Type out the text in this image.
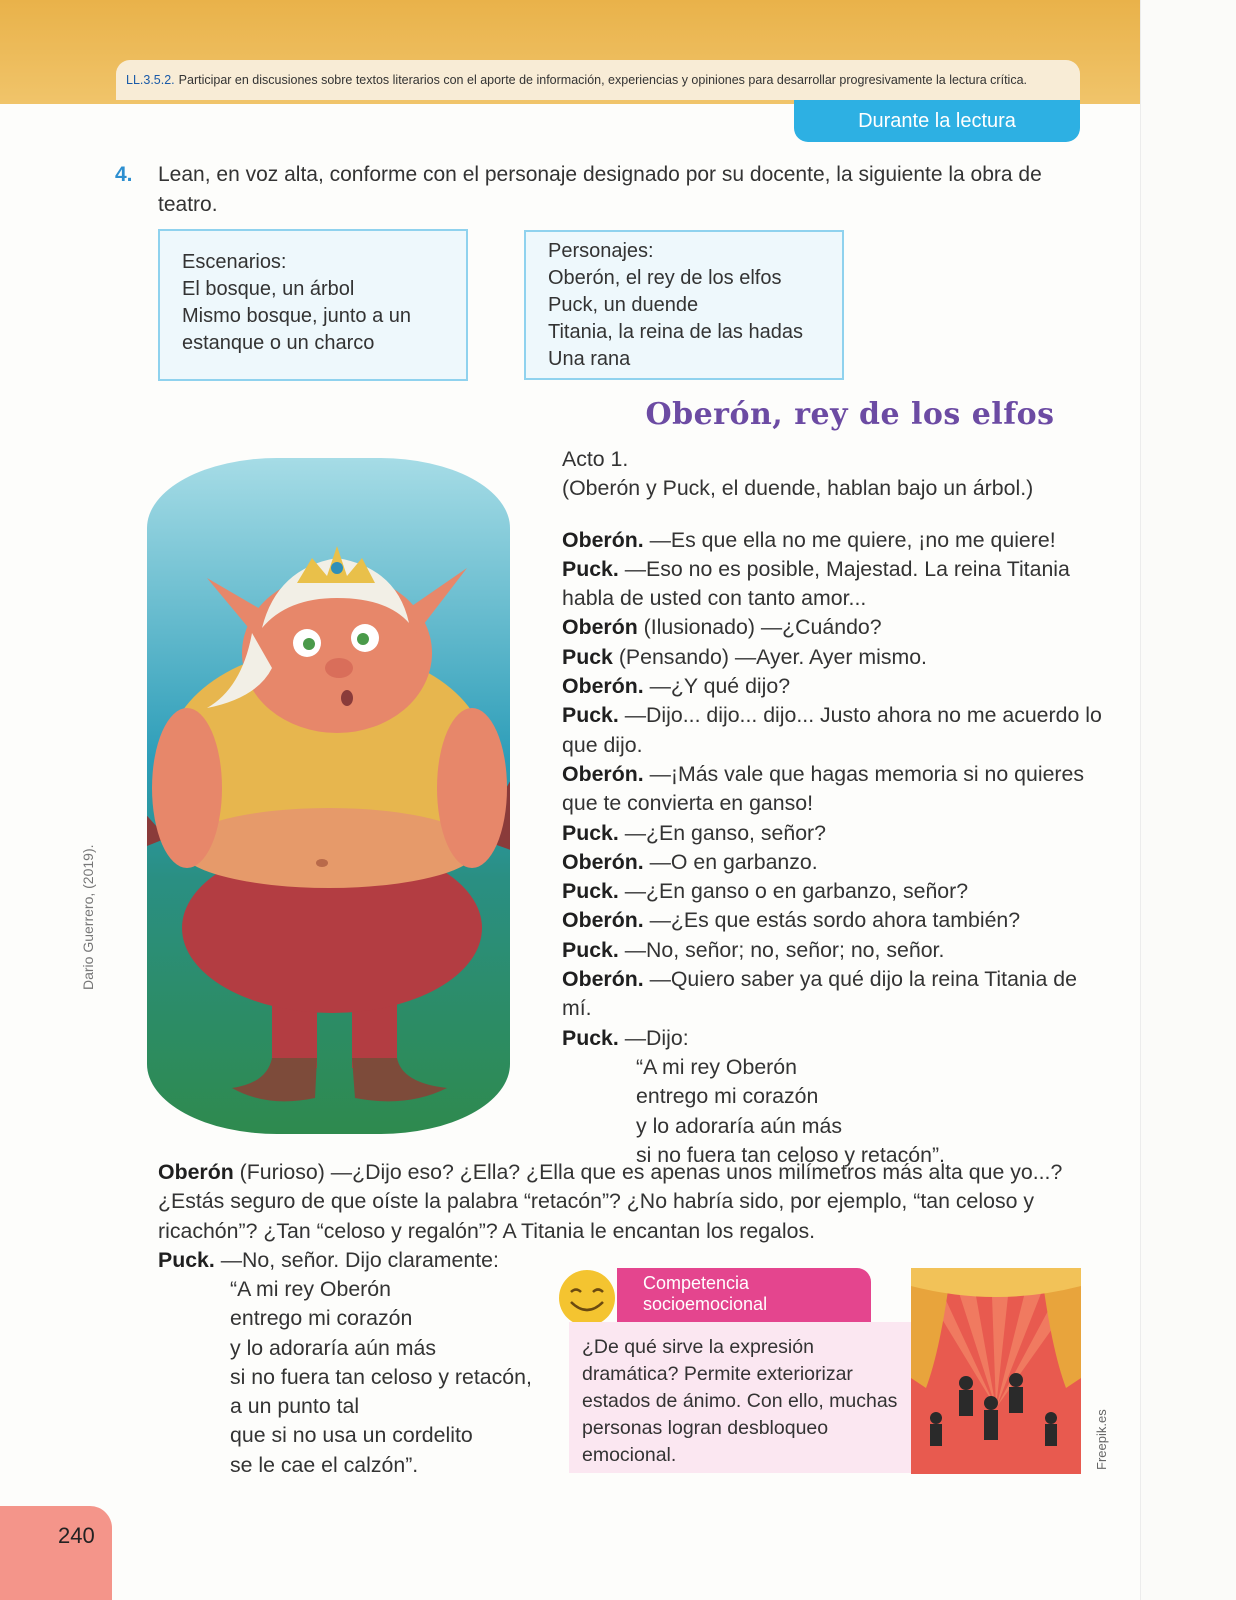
LL.3.5.2. Participar en discusiones sobre textos literarios con el aporte de información, experiencias y opiniones para desarrollar progresivamente la lectura crítica.
Durante la lectura
4.	Lean, en voz alta, conforme con el personaje designado por su docente, la siguiente la obra de teatro.
Escenarios:
El bosque, un árbol
Mismo bosque, junto a un
estanque o un charco
Personajes:
Oberón, el rey de los elfos
Puck, un duende
Titania, la reina de las hadas
Una rana
Oberón, rey de los elfos
Dario Guerrero, (2019).
Acto 1.
(Oberón y Puck, el duende, hablan bajo un árbol.)
Oberón. —Es que ella no me quiere, ¡no me quiere!
Puck. —Eso no es posible, Majestad. La reina Titania habla de usted con tanto amor...
Oberón (Ilusionado) —¿Cuándo?
Puck (Pensando) —Ayer. Ayer mismo.
Oberón. —¿Y qué dijo?
Puck. —Dijo... dijo... dijo... Justo ahora no me acuerdo lo que dijo.
Oberón. —¡Más vale que hagas memoria si no quieres que te convierta en ganso!
Puck. —¿En ganso, señor?
Oberón. —O en garbanzo.
Puck. —¿En ganso o en garbanzo, señor?
Oberón. —¿Es que estás sordo ahora también?
Puck. —No, señor; no, señor; no, señor.
Oberón. —Quiero saber ya qué dijo la reina Titania de mí.
Puck. —Dijo:
“A mi rey Oberón
entrego mi corazón
y lo adoraría aún más
si no fuera tan celoso y retacón”.
Oberón (Furioso) —¿Dijo eso? ¿Ella? ¿Ella que es apenas unos milímetros más alta que yo...? ¿Estás seguro de que oíste la palabra “retacón”? ¿No habría sido, por ejemplo, “tan celoso y ricachón”? ¿Tan “celoso y regalón”? A Titania le encantan los regalos.
Puck. —No, señor. Dijo claramente:
“A mi rey Oberón
entrego mi corazón
y lo adoraría aún más
si no fuera tan celoso y retacón,
a un punto tal
que si no usa un cordelito
se le cae el calzón”.
Competencia
socioemocional
¿De qué sirve la expresión dramática? Permite exteriorizar estados de ánimo. Con ello, muchas personas logran desbloqueo emocional.	Freepik.es
240
